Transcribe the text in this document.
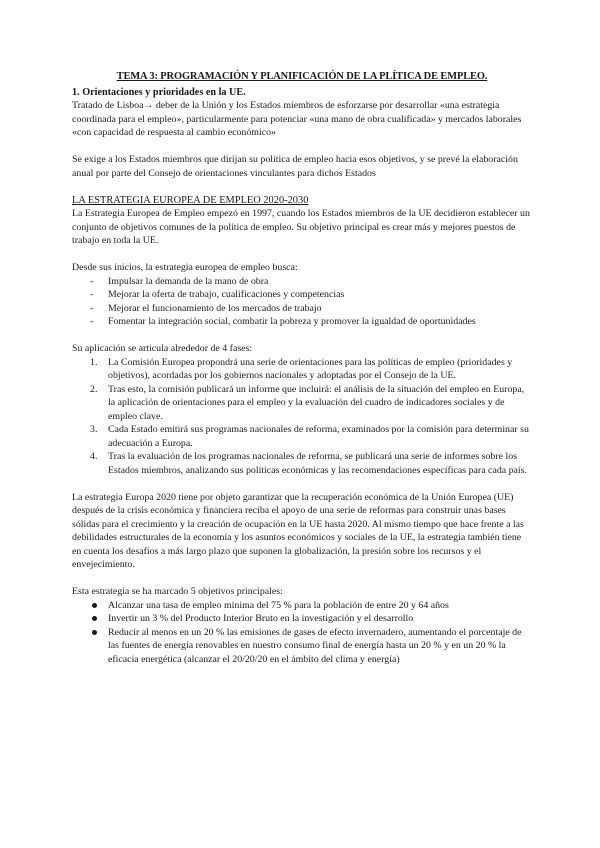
TEMA 3: PROGRAMACIÓN Y PLANIFICACIÓN DE LA PLÍTICA DE EMPLEO.

1. Orientaciones y prioridades en la UE.

Tratado de Lisboa→ deber de la Unión y los Estados miembros de esforzarse por desarrollar «una estrategia coordinada para el empleo», particularmente para potenciar «una mano de obra cualificada» y mercados laborales «con capacidad de respuesta al cambio económico»

Se exige a los Estados miembros que dirijan su política de empleo hacia esos objetivos, y se prevé la elaboración anual por parte del Consejo de orientaciones vinculantes para dichos Estados

LA ESTRATEGIA EUROPEA DE EMPLEO 2020-2030

La Estrategia Europea de Empleo empezó en 1997, cuando los Estados miembros de la UE decidieron establecer un conjunto de objetivos comunes de la política de empleo. Su objetivo principal es crear más y mejores puestos de trabajo en toda la UE.

Desde sus inicios, la estrategia europea de empleo busca:

- Impulsar la demanda de la mano de obra
- Mejorar la oferta de trabajo, cualificaciones y competencias
- Mejorar el funcionamiento de los mercados de trabajo
- Fomentar la integración social, combatir la pobreza y promover la igualdad de oportunidades

Su aplicación se articula alrededor de 4 fases:

1. La Comisión Europea propondrá una serie de orientaciones para las políticas de empleo (prioridades y objetivos), acordadas por los gobiernos nacionales y adoptadas por el Consejo de la UE.
2. Tras esto, la comisión publicará un informe que incluirá: el análisis de la situación del empleo en Europa, la aplicación de orientaciones para el empleo y la evaluación del cuadro de indicadores sociales y de empleo clave.
3. Cada Estado emitirá sus programas nacionales de reforma, examinados por la comisión para determinar su adecuación a Europa.
4. Tras la evaluación de los programas nacionales de reforma, se publicará una serie de informes sobre los Estados miembros, analizando sus políticas económicas y las recomendaciones específicas para cada país.

La estrategia Europa 2020 tiene por objeto garantizar que la recuperación económica de la Unión Europea (UE) después de la crisis económica y financiera reciba el apoyo de una serie de reformas para construir unas bases sólidas para el crecimiento y la creación de ocupación en la UE hasta 2020. Al mismo tiempo que hace frente a las debilidades estructurales de la economía y los asuntos económicos y sociales de la UE, la estrategia también tiene en cuenta los desafíos a más largo plazo que suponen la globalización, la presión sobre los recursos y el envejecimiento.

Esta estrategia se ha marcado 5 objetivos principales:

Alcanzar una tasa de empleo mínima del 75 % para la población de entre 20 y 64 años
Invertir un 3 % del Producto Interior Bruto en la investigación y el desarrollo
Reducir al menos en un 20 % las emisiones de gases de efecto invernadero, aumentando el porcentaje de las fuentes de energía renovables en nuestro consumo final de energía hasta un 20 % y en un 20 % la eficacia energética (alcanzar el 20/20/20 en el ámbito del clima y energía)
